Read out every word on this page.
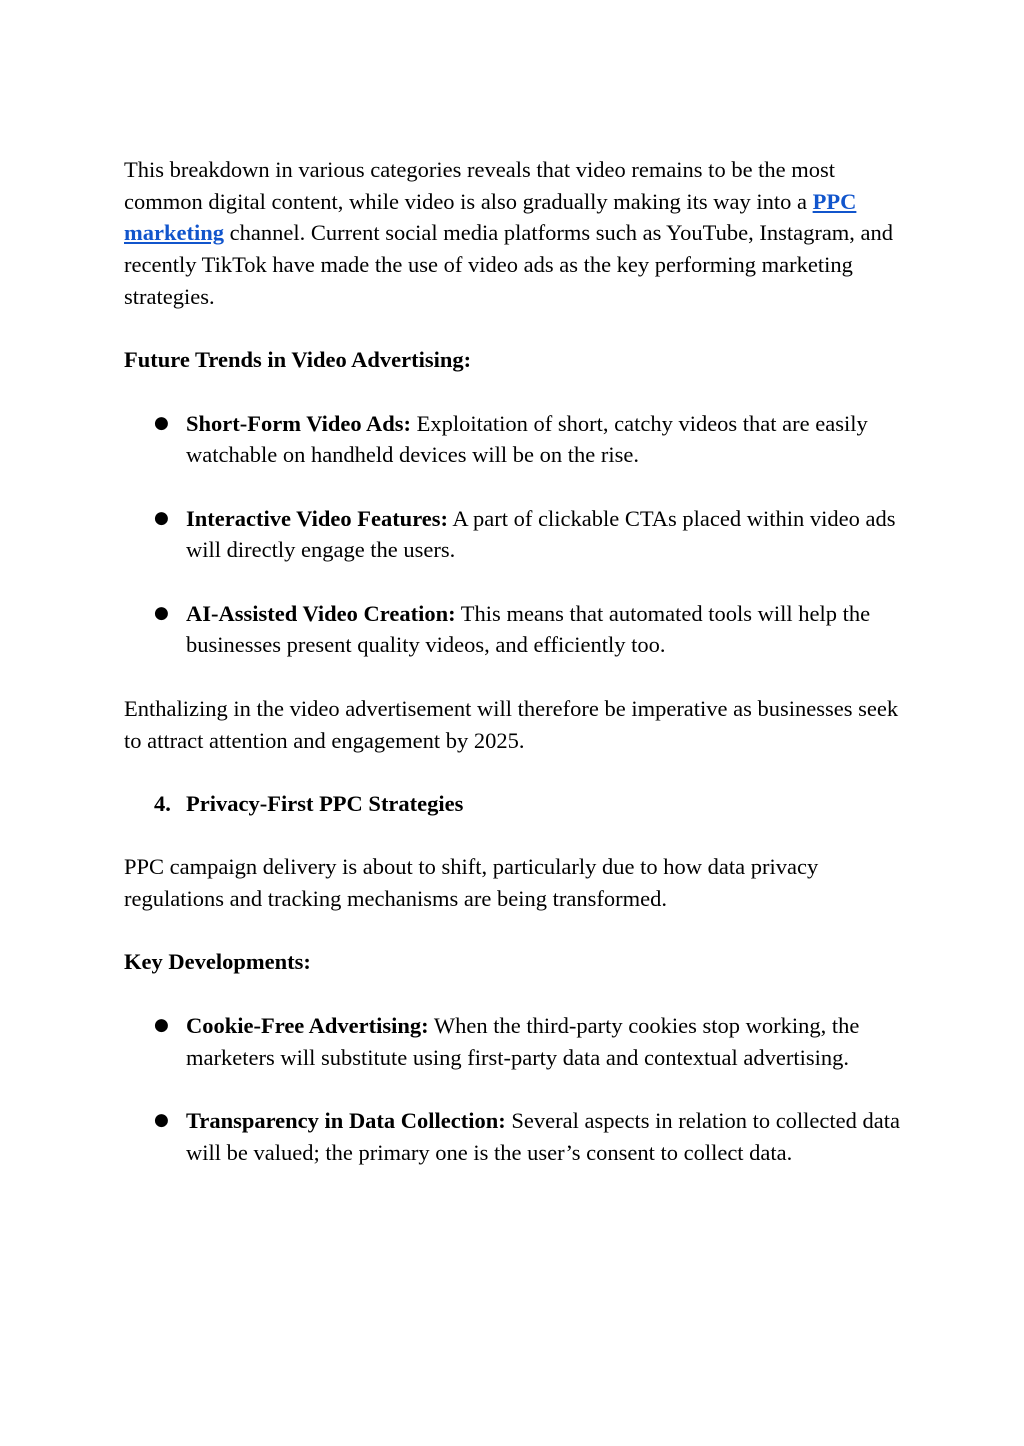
This breakdown in various categories reveals that video remains to be the most common digital content, while video is also gradually making its way into a PPC marketing channel. Current social media platforms such as YouTube, Instagram, and recently TikTok have made the use of video ads as the key performing marketing strategies.

Future Trends in Video Advertising:

● Short-Form Video Ads: Exploitation of short, catchy videos that are easily watchable on handheld devices will be on the rise.
● Interactive Video Features: A part of clickable CTAs placed within video ads will directly engage the users.
● AI-Assisted Video Creation: This means that automated tools will help the businesses present quality videos, and efficiently too.

Enthalizing in the video advertisement will therefore be imperative as businesses seek to attract attention and engagement by 2025.

4. Privacy-First PPC Strategies

PPC campaign delivery is about to shift, particularly due to how data privacy regulations and tracking mechanisms are being transformed.

Key Developments:

● Cookie-Free Advertising: When the third-party cookies stop working, the marketers will substitute using first-party data and contextual advertising.
● Transparency in Data Collection: Several aspects in relation to collected data will be valued; the primary one is the user’s consent to collect data.
